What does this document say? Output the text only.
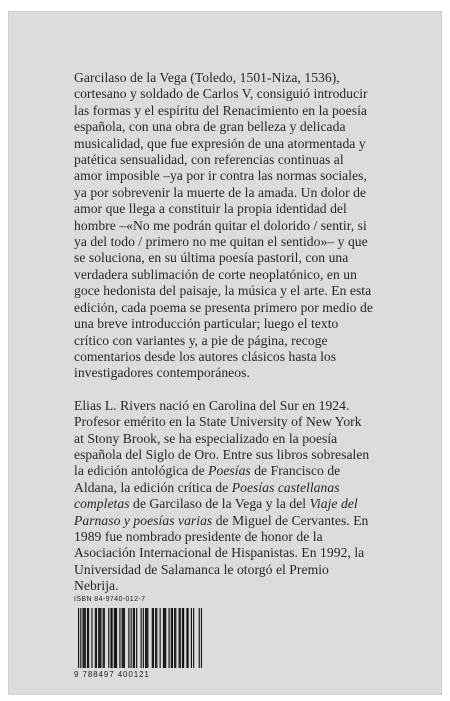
Garcilaso de la Vega (Toledo, 1501-Niza, 1536), cortesano y soldado de Carlos V, consiguió introducir las formas y el espíritu del Renacimiento en la poesía española, con una obra de gran belleza y delicada musicalidad, que fue expresión de una atormentada y patética sensualidad, con referencias continuas al amor imposible –ya por ir contra las normas sociales, ya por sobrevenir la muerte de la amada. Un dolor de amor que llega a constituir la propia identidad del hombre –«No me podrán quitar el dolorido / sentir, si ya del todo / primero no me quitan el sentido»– y que se soluciona, en su última poesía pastoril, con una verdadera sublimación de corte neoplatónico, en un goce hedonista del paisaje, la música y el arte. En esta edición, cada poema se presenta primero por medio de una breve introducción particular; luego el texto crítico con variantes y, a pie de página, recoge comentarios desde los autores clásicos hasta los investigadores contemporáneos.

Elias L. Rivers nació en Carolina del Sur en 1924. Profesor emérito en la State University of New York at Stony Brook, se ha especializado en la poesía española del Siglo de Oro. Entre sus libros sobresalen la edición antológica de Poesías de Francisco de Aldana, la edición crítica de Poesías castellanas completas de Garcilaso de la Vega y la del Viaje del Parnaso y poesías varias de Miguel de Cervantes. En 1989 fue nombrado presidente de honor de la Asociación Internacional de Hispanistas. En 1992, la Universidad de Salamanca le otorgó el Premio Nebrija.

ISBN 84-9740-012-7
9 788497 400121
